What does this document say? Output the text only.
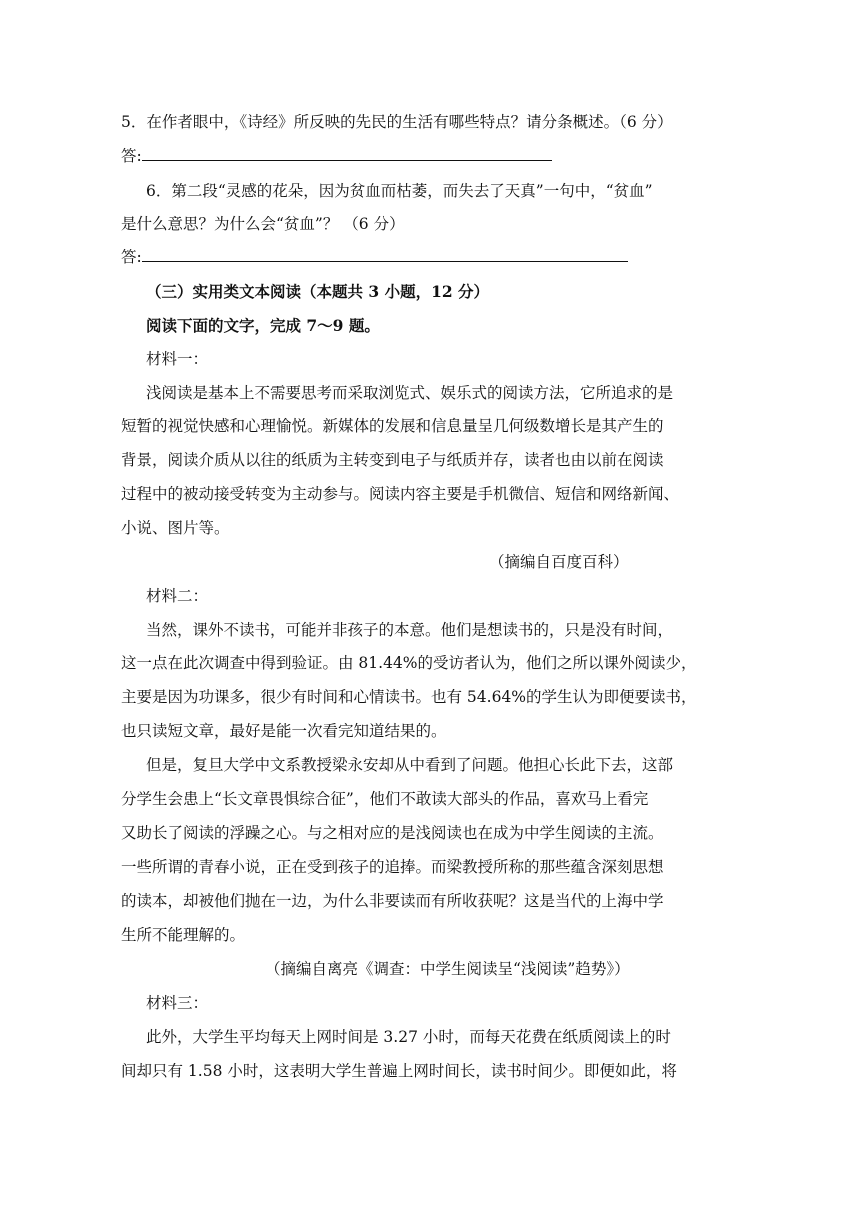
5．在作者眼中，《诗经》所反映的先民的生活有哪些特点？请分条概述。（6 分）
答:
6．第二段“灵感的花朵，因为贫血而枯萎，而失去了天真”一句中，“贫血”
是什么意思？为什么会“贫血”？ （6 分）
答:
（三）实用类文本阅读（本题共 3 小题，12 分）
阅读下面的文字，完成 7～9 题。
材料一：
浅阅读是基本上不需要思考而采取浏览式、娱乐式的阅读方法，它所追求的是
短暂的视觉快感和心理愉悦。新媒体的发展和信息量呈几何级数增长是其产生的
背景，阅读介质从以往的纸质为主转变到电子与纸质并存，读者也由以前在阅读
过程中的被动接受转变为主动参与。阅读内容主要是手机微信、短信和网络新闻、
小说、图片等。
（摘编自百度百科）
材料二：
当然，课外不读书，可能并非孩子的本意。他们是想读书的，只是没有时间，
这一点在此次调查中得到验证。由 81.44%的受访者认为，他们之所以课外阅读少，
主要是因为功课多，很少有时间和心情读书。也有 54.64%的学生认为即便要读书，
也只读短文章，最好是能一次看完知道结果的。
但是，复旦大学中文系教授梁永安却从中看到了问题。他担心长此下去，这部
分学生会患上“长文章畏惧综合征”，他们不敢读大部头的作品，喜欢马上看完
又助长了阅读的浮躁之心。与之相对应的是浅阅读也在成为中学生阅读的主流。
一些所谓的青春小说，正在受到孩子的追捧。而梁教授所称的那些蕴含深刻思想
的读本，却被他们抛在一边，为什么非要读而有所收获呢？这是当代的上海中学
生所不能理解的。
（摘编自离亮《调查：中学生阅读呈“浅阅读”趋势》）
材料三：
此外，大学生平均每天上网时间是 3.27 小时，而每天花费在纸质阅读上的时
间却只有 1.58 小时，这表明大学生普遍上网时间长，读书时间少。即便如此，将
